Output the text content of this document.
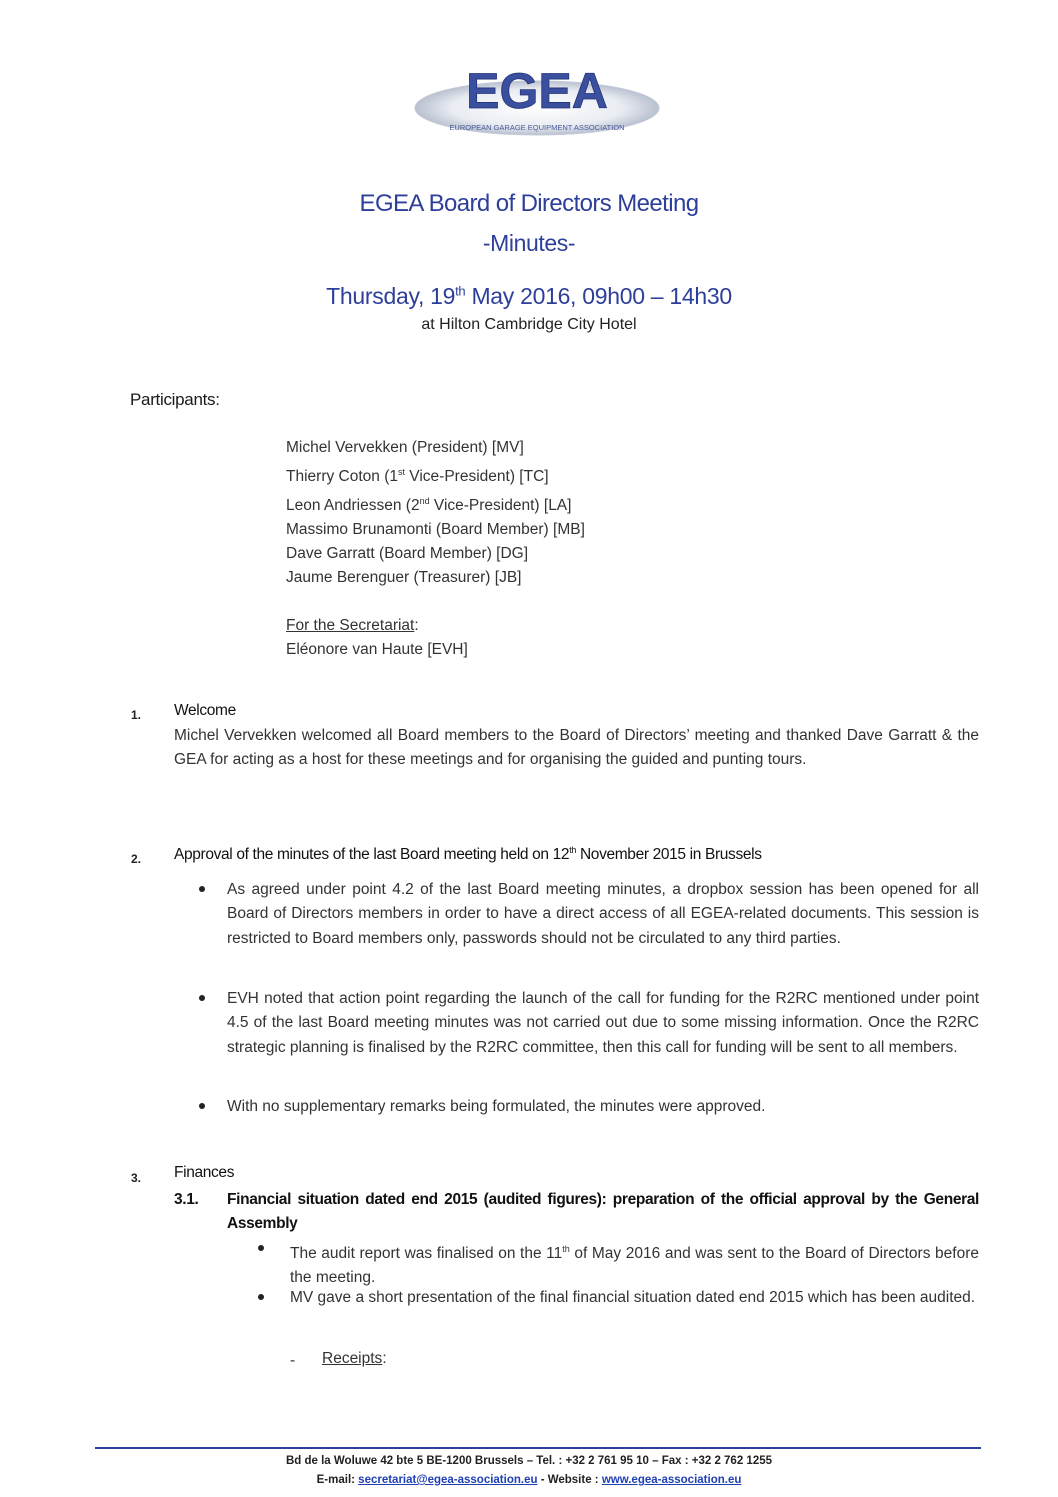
EGEA
EUROPEAN GARAGE EQUIPMENT ASSOCIATION
EGEA Board of Directors Meeting
-Minutes-
Thursday, 19th May 2016, 09h00 – 14h30
at Hilton Cambridge City Hotel
Participants:
Michel Vervekken (President) [MV]
Thierry Coton (1st Vice-President) [TC]
Leon Andriessen (2nd Vice-President) [LA]
Massimo Brunamonti (Board Member) [MB]
Dave Garratt (Board Member) [DG]
Jaume Berenguer (Treasurer) [JB]
For the Secretariat:
Eléonore van Haute [EVH]
1. Welcome
Michel Vervekken welcomed all Board members to the Board of Directors’ meeting and thanked Dave Garratt & the GEA for acting as a host for these meetings and for organising the guided and punting tours.
2. Approval of the minutes of the last Board meeting held on 12th November 2015 in Brussels
As agreed under point 4.2 of the last Board meeting minutes, a dropbox session has been opened for all Board of Directors members in order to have a direct access of all EGEA-related documents. This session is restricted to Board members only, passwords should not be circulated to any third parties.
EVH noted that action point regarding the launch of the call for funding for the R2RC mentioned under point 4.5 of the last Board meeting minutes was not carried out due to some missing information. Once the R2RC strategic planning is finalised by the R2RC committee, then this call for funding will be sent to all members.
With no supplementary remarks being formulated, the minutes were approved.
3. Finances
3.1. Financial situation dated end 2015 (audited figures): preparation of the official approval by the General Assembly
The audit report was finalised on the 11th of May 2016 and was sent to the Board of Directors before the meeting.
MV gave a short presentation of the final financial situation dated end 2015 which has been audited.
- Receipts:
Bd de la Woluwe 42 bte 5 BE-1200 Brussels – Tel. : +32 2 761 95 10 – Fax : +32 2 762 1255
E-mail: secretariat@egea-association.eu - Website : www.egea-association.eu
